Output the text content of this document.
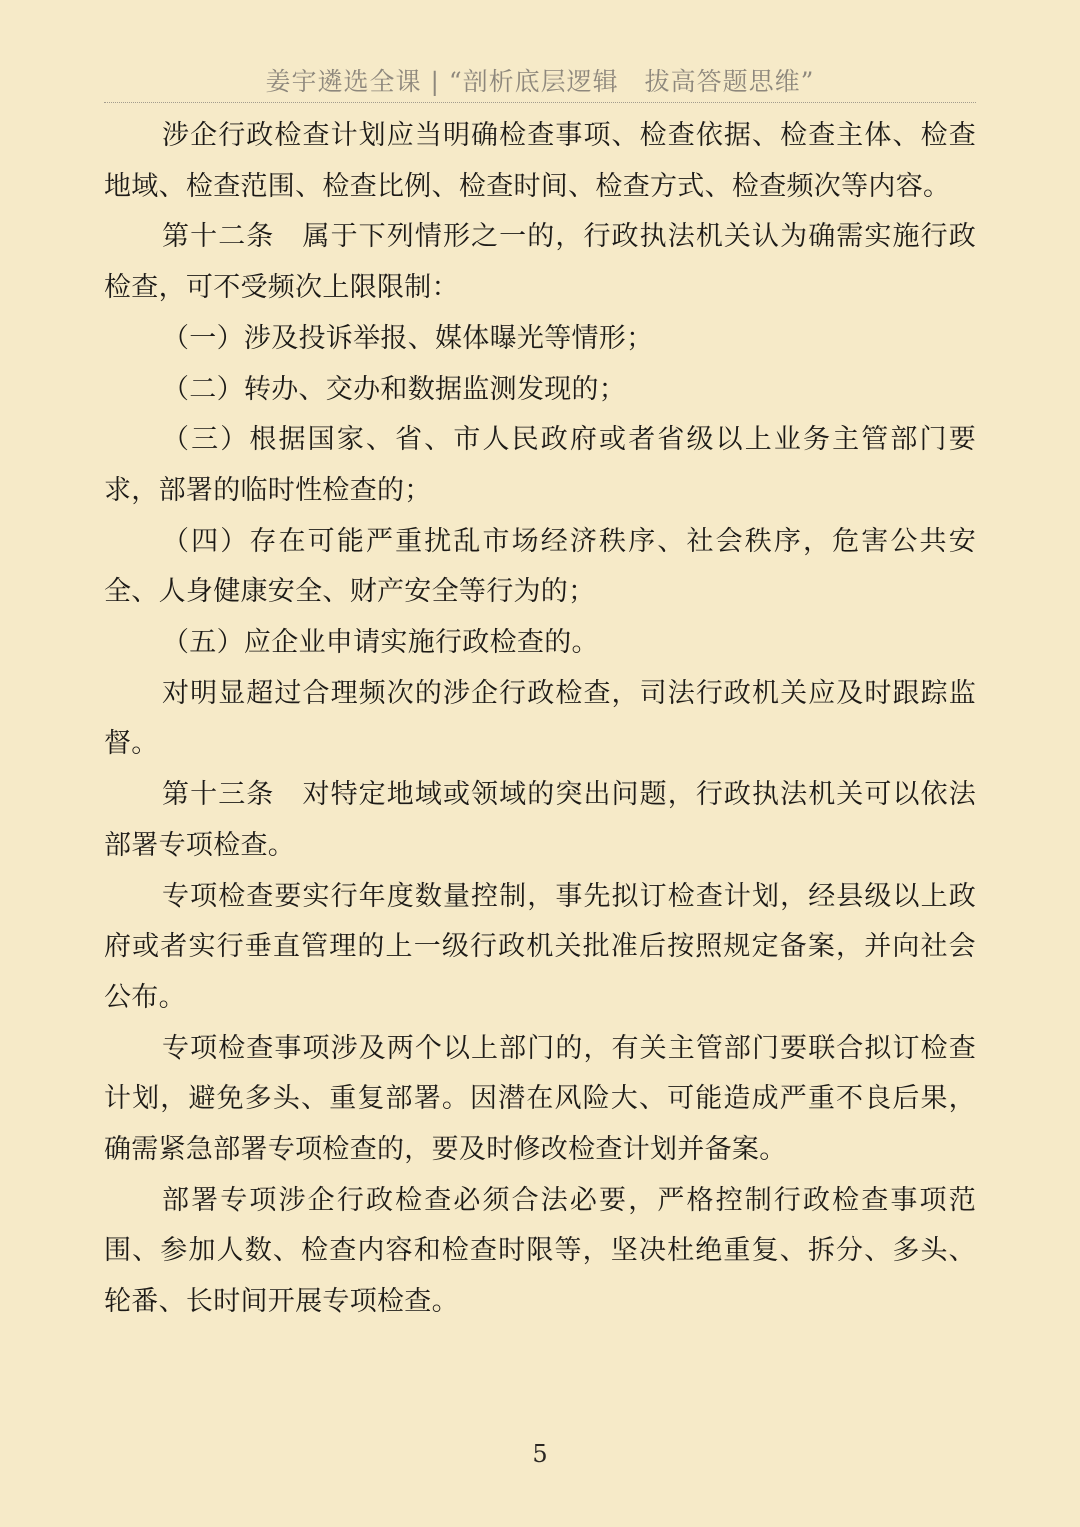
姜宇遴选全课 | “剖析底层逻辑　拔高答题思维”

涉企行政检查计划应当明确检查事项、检查依据、检查主体、检查地域、检查范围、检查比例、检查时间、检查方式、检查频次等内容。

第十二条　属于下列情形之一的，行政执法机关认为确需实施行政检查，可不受频次上限限制：

（一）涉及投诉举报、媒体曝光等情形；

（二）转办、交办和数据监测发现的；

（三）根据国家、省、市人民政府或者省级以上业务主管部门要求，部署的临时性检查的；

（四）存在可能严重扰乱市场经济秩序、社会秩序，危害公共安全、人身健康安全、财产安全等行为的；

（五）应企业申请实施行政检查的。

对明显超过合理频次的涉企行政检查，司法行政机关应及时跟踪监督。

第十三条　对特定地域或领域的突出问题，行政执法机关可以依法部署专项检查。

专项检查要实行年度数量控制，事先拟订检查计划，经县级以上政府或者实行垂直管理的上一级行政机关批准后按照规定备案，并向社会公布。

专项检查事项涉及两个以上部门的，有关主管部门要联合拟订检查计划，避免多头、重复部署。因潜在风险大、可能造成严重不良后果，确需紧急部署专项检查的，要及时修改检查计划并备案。

部署专项涉企行政检查必须合法必要，严格控制行政检查事项范围、参加人数、检查内容和检查时限等，坚决杜绝重复、拆分、多头、轮番、长时间开展专项检查。

5
